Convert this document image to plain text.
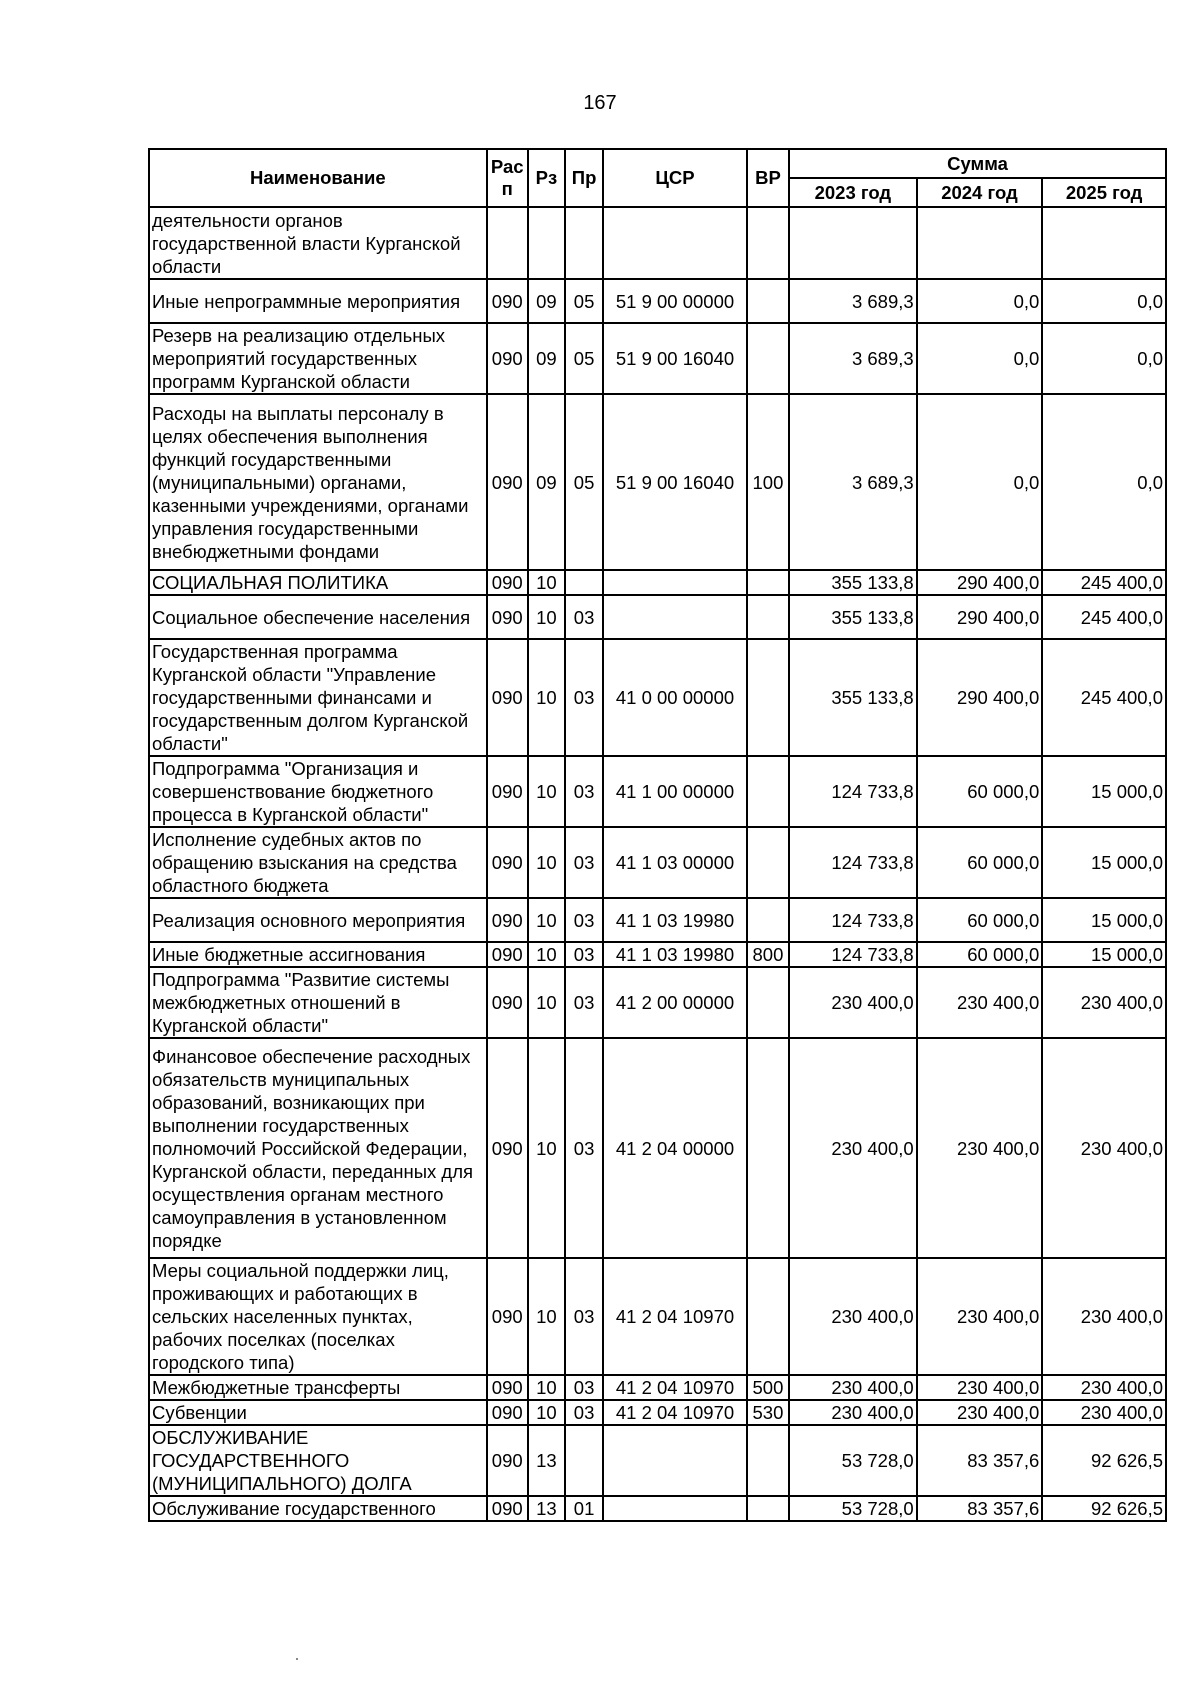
167
Наименование	Рас
п	Рз	Пр	ЦСР	ВР	Сумма		
						2023 год	2024 год	2025 год
деятельности органов государственной власти Курганской области								
Иные непрограммные мероприятия	090	09	05	51 9 00 00000		3 689,3	0,0	0,0
Резерв на реализацию отдельных мероприятий государственных программ Курганской области	090	09	05	51 9 00 16040		3 689,3	0,0	0,0
Расходы на выплаты персоналу в целях обеспечения выполнения функций государственными (муниципальными) органами, казенными учреждениями, органами управления государственными внебюджетными фондами	090	09	05	51 9 00 16040	100	3 689,3	0,0	0,0
СОЦИАЛЬНАЯ ПОЛИТИКА	090	10				355 133,8	290 400,0	245 400,0
Социальное обеспечение населения	090	10	03			355 133,8	290 400,0	245 400,0
Государственная программа Курганской области "Управление государственными финансами и государственным долгом Курганской области"	090	10	03	41 0 00 00000		355 133,8	290 400,0	245 400,0
Подпрограмма "Организация и совершенствование бюджетного процесса в Курганской области"	090	10	03	41 1 00 00000		124 733,8	60 000,0	15 000,0
Исполнение судебных актов по обращению взыскания на средства областного бюджета	090	10	03	41 1 03 00000		124 733,8	60 000,0	15 000,0
Реализация основного мероприятия	090	10	03	41 1 03 19980		124 733,8	60 000,0	15 000,0
Иные бюджетные ассигнования	090	10	03	41 1 03 19980	800	124 733,8	60 000,0	15 000,0
Подпрограмма "Развитие системы межбюджетных отношений в Курганской области"	090	10	03	41 2 00 00000		230 400,0	230 400,0	230 400,0
Финансовое обеспечение расходных обязательств муниципальных образований, возникающих при выполнении государственных полномочий Российской Федерации, Курганской области, переданных для осуществления органам местного самоуправления в установленном порядке	090	10	03	41 2 04 00000		230 400,0	230 400,0	230 400,0
Меры социальной поддержки лиц, проживающих и работающих в сельских населенных пунктах, рабочих поселках (поселках городского типа)	090	10	03	41 2 04 10970		230 400,0	230 400,0	230 400,0
Межбюджетные трансферты	090	10	03	41 2 04 10970	500	230 400,0	230 400,0	230 400,0
Субвенции	090	10	03	41 2 04 10970	530	230 400,0	230 400,0	230 400,0
ОБСЛУЖИВАНИЕ ГОСУДАРСТВЕННОГО (МУНИЦИПАЛЬНОГО) ДОЛГА	090	13				53 728,0	83 357,6	92 626,5
Обслуживание государственного	090	13	01			53 728,0	83 357,6	92 626,5
